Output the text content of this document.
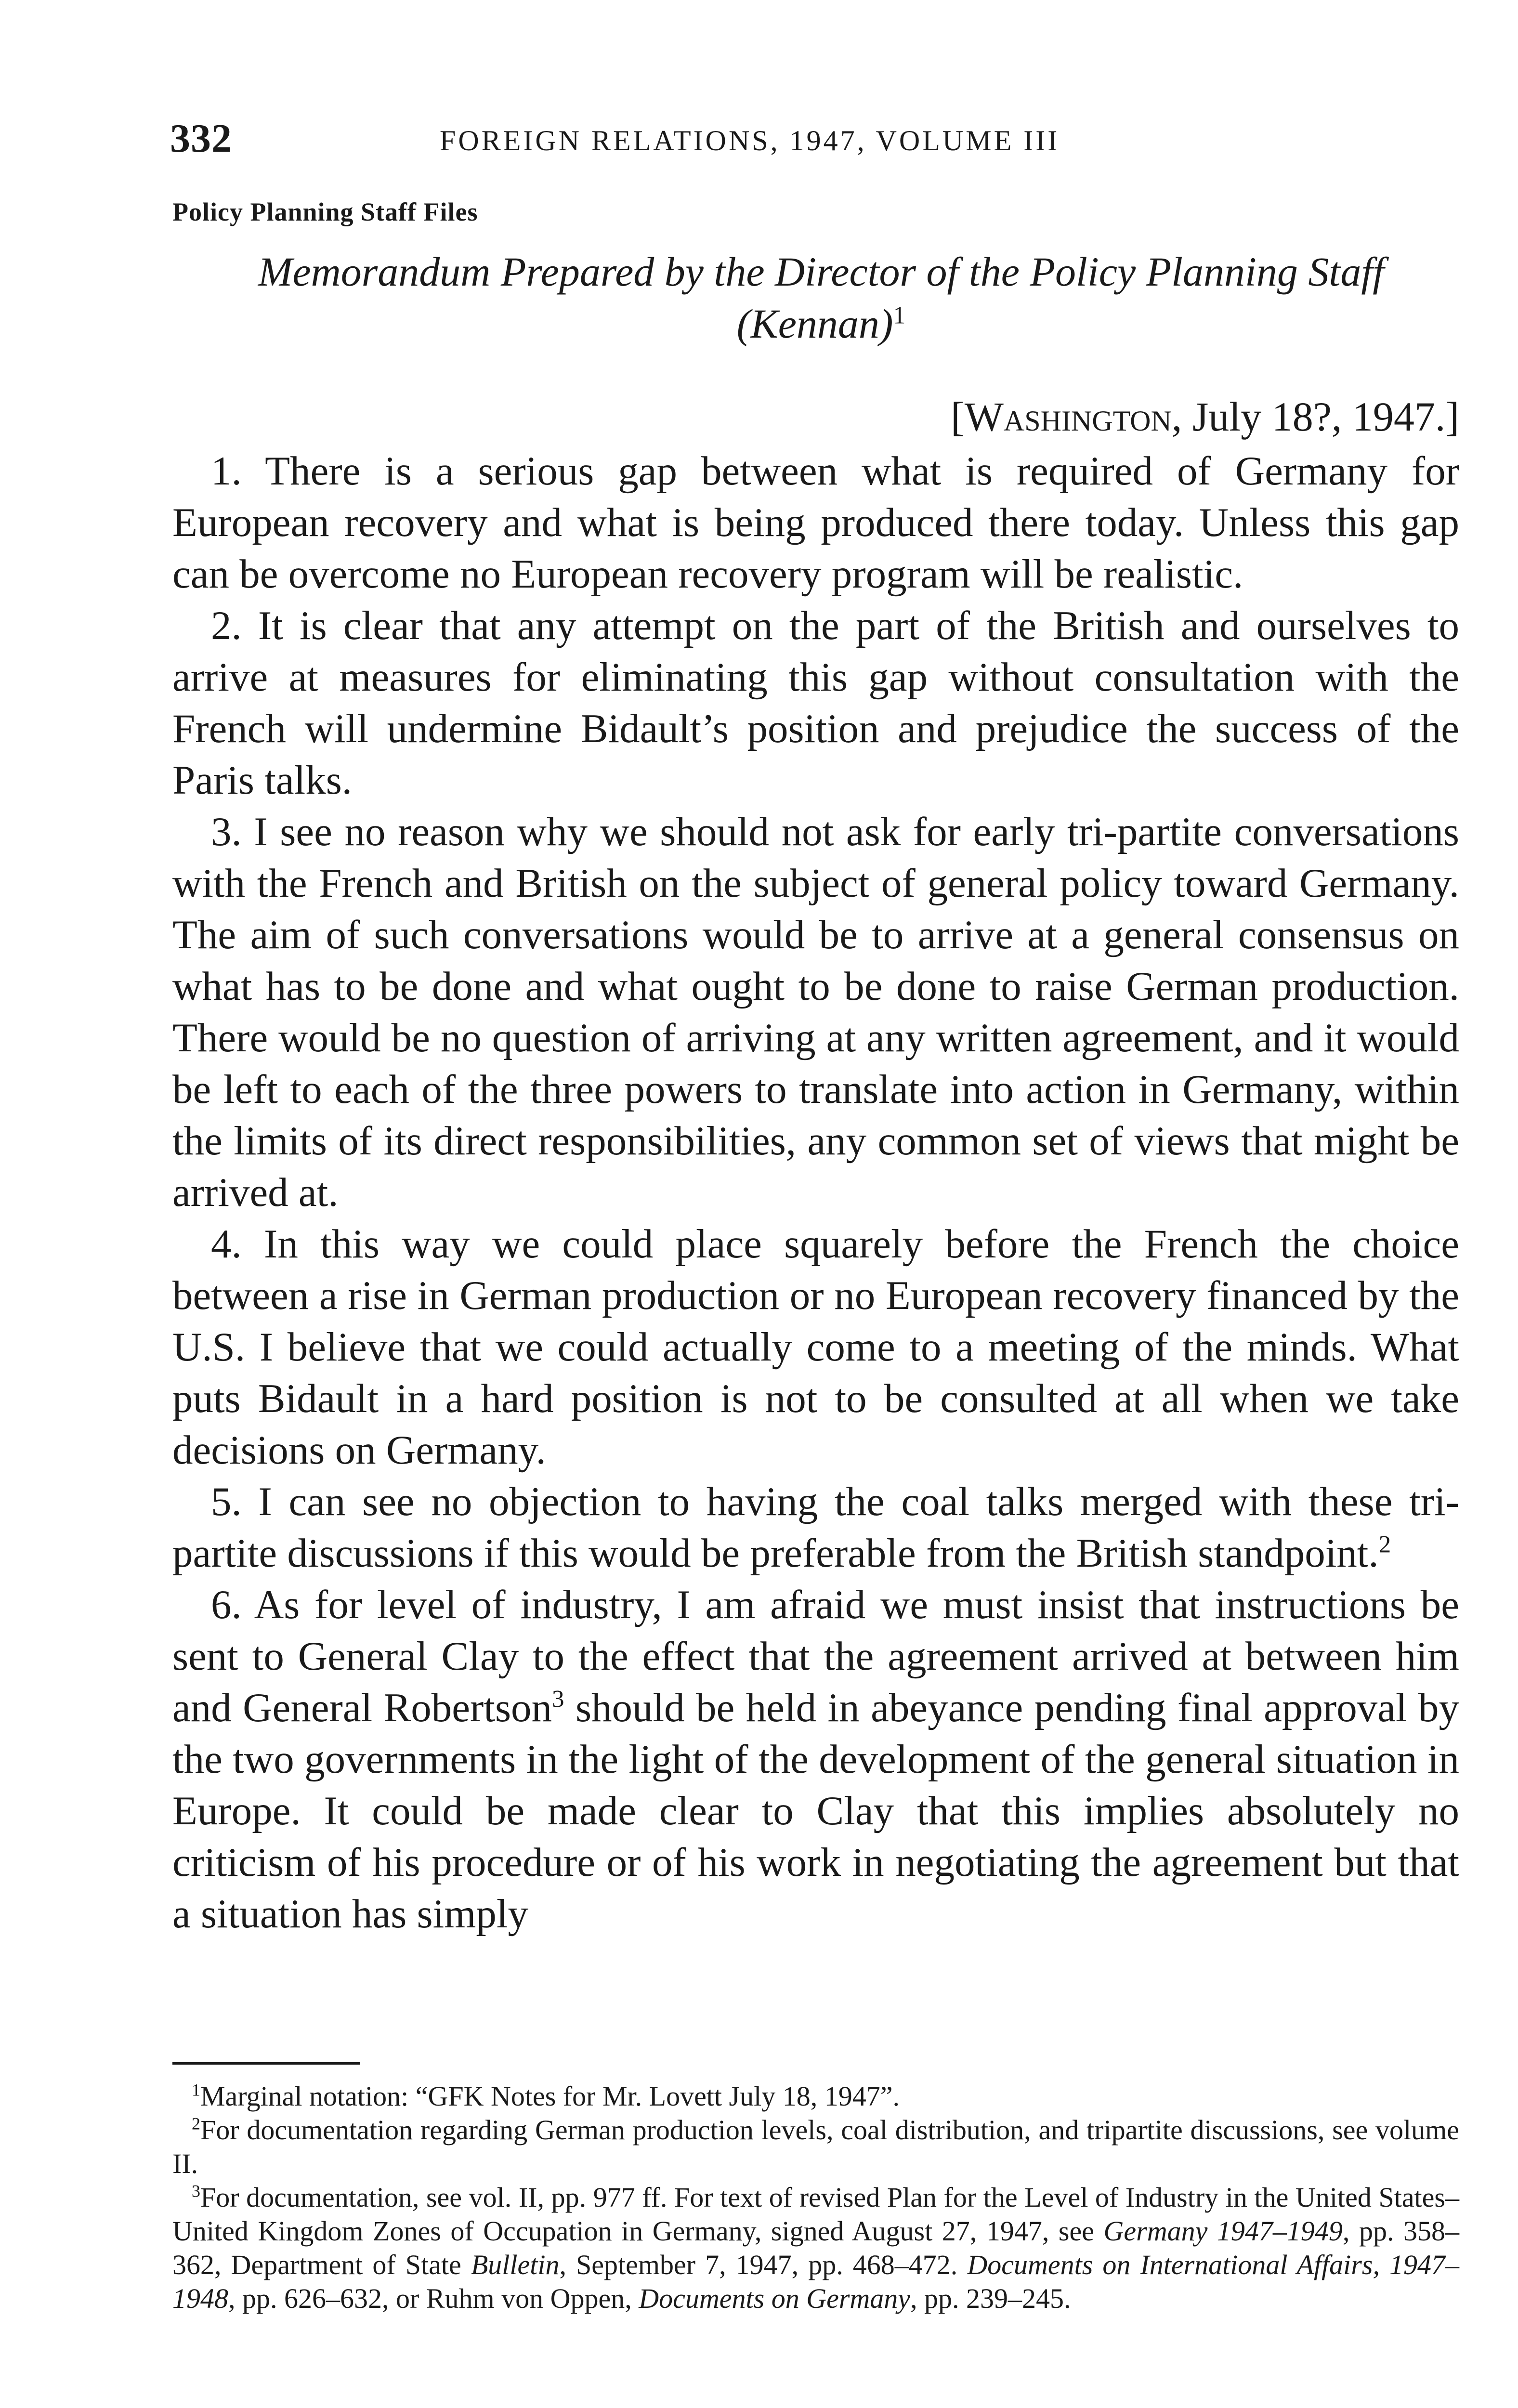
332	FOREIGN RELATIONS, 1947, VOLUME III
Policy Planning Staff Files
Memorandum Prepared by the Director of the Policy Planning Staff
(Kennan)$^1$
[Washington, July 18?, 1947.]

1. There is a serious gap between what is required of Germany for European recovery and what is being produced there today. Unless this gap can be overcome no European recovery program will be realistic.

2. It is clear that any attempt on the part of the British and ourselves to arrive at measures for eliminating this gap without consultation with the French will undermine Bidault’s position and prejudice the success of the Paris talks.

3. I see no reason why we should not ask for early tri-partite conversations with the French and British on the subject of general policy toward Germany. The aim of such conversations would be to arrive at a general consensus on what has to be done and what ought to be done to raise German production. There would be no question of arriving at any written agreement, and it would be left to each of the three powers to translate into action in Germany, within the limits of its direct responsibilities, any common set of views that might be arrived at.

4. In this way we could place squarely before the French the choice between a rise in German production or no European recovery financed by the U.S. I believe that we could actually come to a meeting of the minds. What puts Bidault in a hard position is not to be consulted at all when we take decisions on Germany.

5. I can see no objection to having the coal talks merged with these tri-partite discussions if this would be preferable from the British standpoint.$^2$

6. As for level of industry, I am afraid we must insist that instructions be sent to General Clay to the effect that the agreement arrived at between him and General Robertson$^3$ should be held in abeyance pending final approval by the two governments in the light of the development of the general situation in Europe. It could be made clear to Clay that this implies absolutely no criticism of his procedure or of his work in negotiating the agreement but that a situation has simply

$^1$Marginal notation: “GFK Notes for Mr. Lovett July 18, 1947”.

$^2$For documentation regarding German production levels, coal distribution, and tripartite discussions, see volume II.

$^3$For documentation, see vol. II, pp. 977 ff. For text of revised Plan for the Level of Industry in the United States–United Kingdom Zones of Occupation in Germany, signed August 27, 1947, see Germany 1947–1949, pp. 358–362, Department of State Bulletin, September 7, 1947, pp. 468–472. Documents on International Affairs, 1947–1948, pp. 626–632, or Ruhm von Oppen, Documents on Germany, pp. 239–245.
